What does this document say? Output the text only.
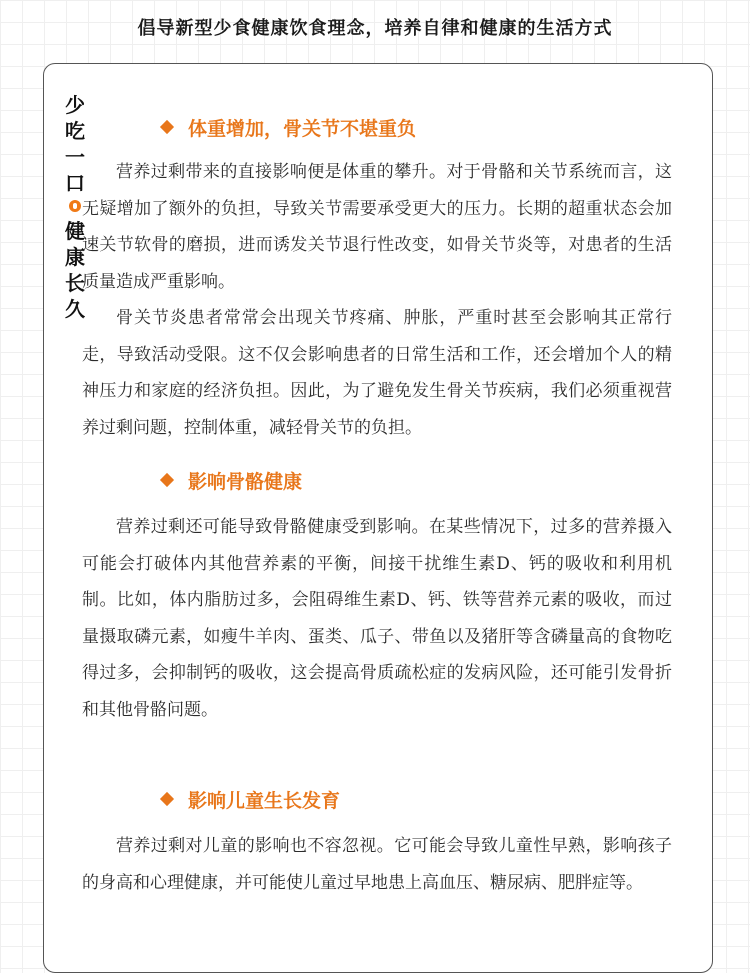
倡导新型少食健康饮食理念，培养自律和健康的生活方式
少
吃
一
口
健
康
长
久
体重增加，骨关节不堪重负

营养过剩带来的直接影响便是体重的攀升。对于骨骼和关节系统而言，这无疑增加了额外的负担，导致关节需要承受更大的压力。长期的超重状态会加速关节软骨的磨损，进而诱发关节退行性改变，如骨关节炎等，对患者的生活质量造成严重影响。

骨关节炎患者常常会出现关节疼痛、肿胀，严重时甚至会影响其正常行走，导致活动受限。这不仅会影响患者的日常生活和工作，还会增加个人的精神压力和家庭的经济负担。因此，为了避免发生骨关节疾病，我们必须重视营养过剩问题，控制体重，减轻骨关节的负担。

影响骨骼健康

营养过剩还可能导致骨骼健康受到影响。在某些情况下，过多的营养摄入可能会打破体内其他营养素的平衡，间接干扰维生素D、钙的吸收和利用机制。比如，体内脂肪过多，会阻碍维生素D、钙、铁等营养元素的吸收，而过量摄取磷元素，如瘦牛羊肉、蛋类、瓜子、带鱼以及猪肝等含磷量高的食物吃得过多，会抑制钙的吸收，这会提高骨质疏松症的发病风险，还可能引发骨折和其他骨骼问题。

影响儿童生长发育

营养过剩对儿童的影响也不容忽视。它可能会导致儿童性早熟，影响孩子的身高和心理健康，并可能使儿童过早地患上高血压、糖尿病、肥胖症等。
